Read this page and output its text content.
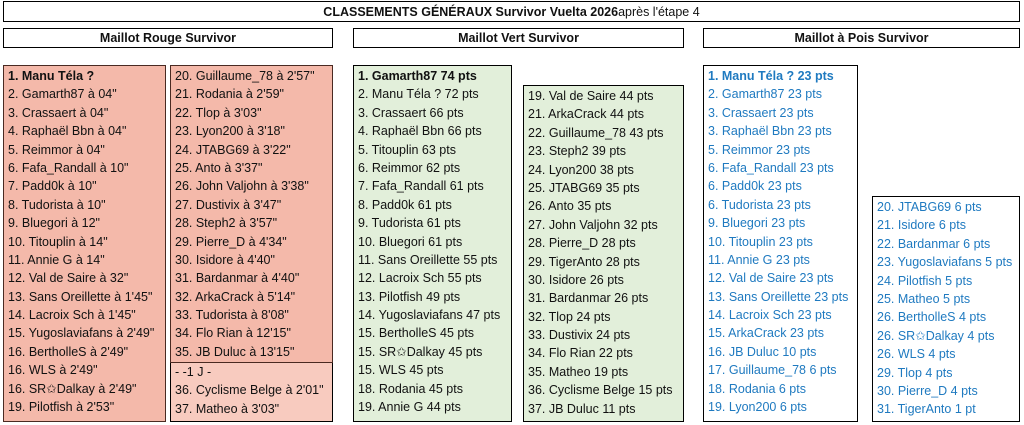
CLASSEMENTS GÉNÉRAUX Survivor Vuelta 2026 après l'étape 4
Maillot Rouge Survivor	Maillot Vert Survivor	Maillot à Pois Survivor
1. Manu Téla ?
2. Gamarth87 à 04"
3. Crassaert à 04"
4. Raphaël Bbn à 04"
5. Reimmor à 04"
6. Fafa_Randall à 10"
7. Padd0k à 10"
8. Tudorista à 10"
9. Bluegori à 12"
10. Titouplin à 14"
11. Annie G à 14"
12. Val de Saire à 32"
13. Sans Oreillette à 1'45"
14. Lacroix Sch à 1'45"
15. Yugoslaviafans à 2'49"
16. BertholleS à 2'49"
16. WLS à 2'49"
16. SR✩Dalkay à 2'49"
19. Pilotfish à 2'53"
20. Guillaume_78 à 2'57"
21. Rodania à 2'59"
22. Tlop à 3'03"
23. Lyon200 à 3'18"
24. JTABG69 à 3'22"
25. Anto à 3'37"
26. John Valjohn à 3'38"
27. Dustivix à 3'47"
28. Steph2 à 3'57"
29. Pierre_D à 4'34"
30. Isidore à 4'40"
31. Bardanmar à 4'40"
32. ArkaCrack à 5'14"
33. Tudorista à 8'08"
34. Flo Rian à 12'15"
35. JB Duluc à 13'15"
- -1 J -
36. Cyclisme Belge à 2'01"
37. Matheo à 3'03"
1. Gamarth87 74 pts
2. Manu Téla ? 72 pts
3. Crassaert 66 pts
4. Raphaël Bbn 66 pts
5. Titouplin 63 pts
6. Reimmor 62 pts
7. Fafa_Randall 61 pts
8. Padd0k 61 pts
9. Tudorista 61 pts
10. Bluegori 61 pts
11. Sans Oreillette 55 pts
12. Lacroix Sch 55 pts
13. Pilotfish 49 pts
14. Yugoslaviafans 47 pts
15. BertholleS 45 pts
15. SR✩Dalkay 45 pts
15. WLS 45 pts
18. Rodania 45 pts
19. Annie G 44 pts
19. Val de Saire 44 pts
21. ArkaCrack 44 pts
22. Guillaume_78 43 pts
23. Steph2 39 pts
24. Lyon200 38 pts
25. JTABG69 35 pts
26. Anto 35 pts
27. John Valjohn 32 pts
28. Pierre_D 28 pts
29. TigerAnto 28 pts
30. Isidore 26 pts
31. Bardanmar 26 pts
32. Tlop 24 pts
33. Dustivix 24 pts
34. Flo Rian 22 pts
35. Matheo 19 pts
36. Cyclisme Belge 15 pts
37. JB Duluc 11 pts
1. Manu Téla ? 23 pts
2. Gamarth87 23 pts
3. Crassaert 23 pts
3. Raphaël Bbn 23 pts
5. Reimmor 23 pts
6. Fafa_Randall 23 pts
6. Padd0k 23 pts
6. Tudorista 23 pts
9. Bluegori 23 pts
10. Titouplin 23 pts
11. Annie G 23 pts
12. Val de Saire 23 pts
13. Sans Oreillette 23 pts
14. Lacroix Sch 23 pts
15. ArkaCrack 23 pts
16. JB Duluc 10 pts
17. Guillaume_78 6 pts
18. Rodania 6 pts
19. Lyon200 6 pts
20. JTABG69 6 pts
21. Isidore 6 pts
22. Bardanmar 6 pts
23. Yugoslaviafans 5 pts
24. Pilotfish 5 pts
25. Matheo 5 pts
26. BertholleS 4 pts
26. SR✩Dalkay 4 pts
26. WLS 4 pts
29. Tlop 4 pts
30. Pierre_D 4 pts
31. TigerAnto 1 pt
